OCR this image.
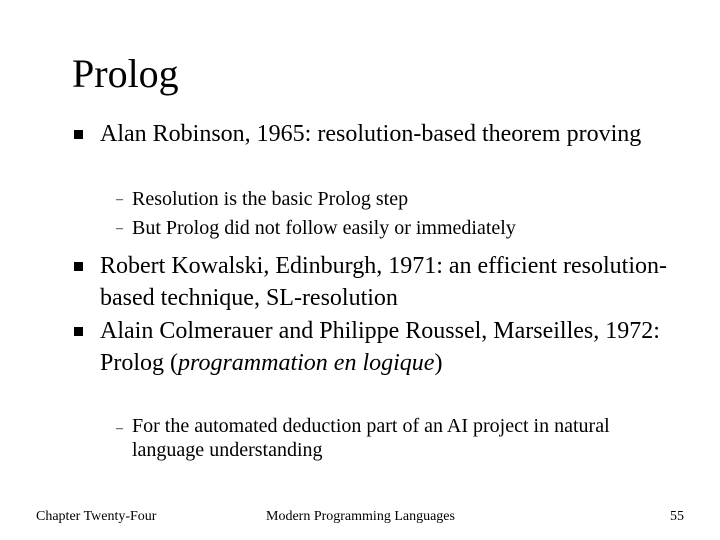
Prolog
Alan Robinson, 1965: resolution-based theorem proving
– Resolution is the basic Prolog step
– But Prolog did not follow easily or immediately
Robert Kowalski, Edinburgh, 1971: an efficient resolution-based technique, SL-resolution
Alain Colmerauer and Philippe Roussel, Marseilles, 1972: Prolog (programmation en logique)
– For the automated deduction part of an AI project in natural language understanding
Chapter Twenty-Four	Modern Programming Languages	55
